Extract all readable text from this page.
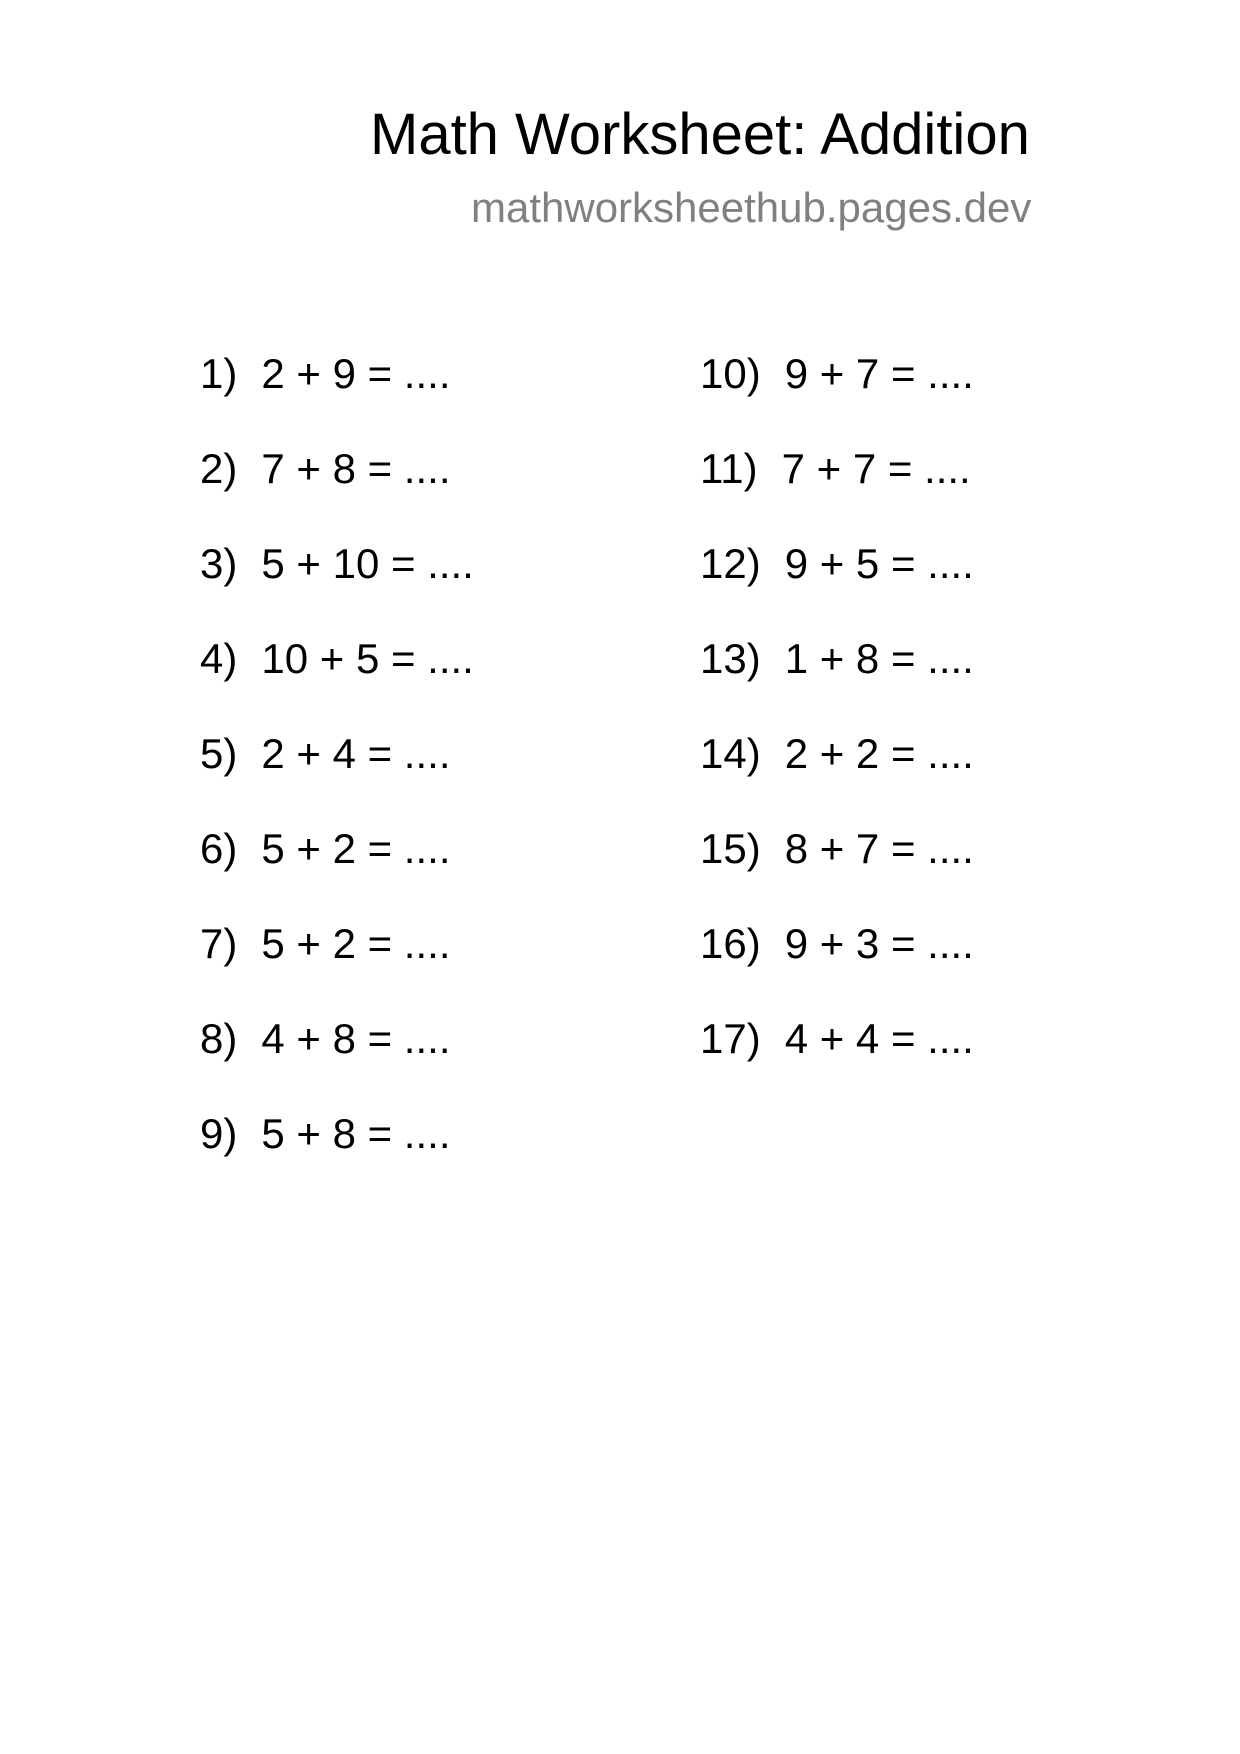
Math Worksheet: Addition
mathworksheethub.pages.dev
1) 2 + 9 = ....
2) 7 + 8 = ....
3) 5 + 10 = ....
4) 10 + 5 = ....
5) 2 + 4 = ....
6) 5 + 2 = ....
7) 5 + 2 = ....
8) 4 + 8 = ....
9) 5 + 8 = ....
10) 9 + 7 = ....
11) 7 + 7 = ....
12) 9 + 5 = ....
13) 1 + 8 = ....
14) 2 + 2 = ....
15) 8 + 7 = ....
16) 9 + 3 = ....
17) 4 + 4 = ....
